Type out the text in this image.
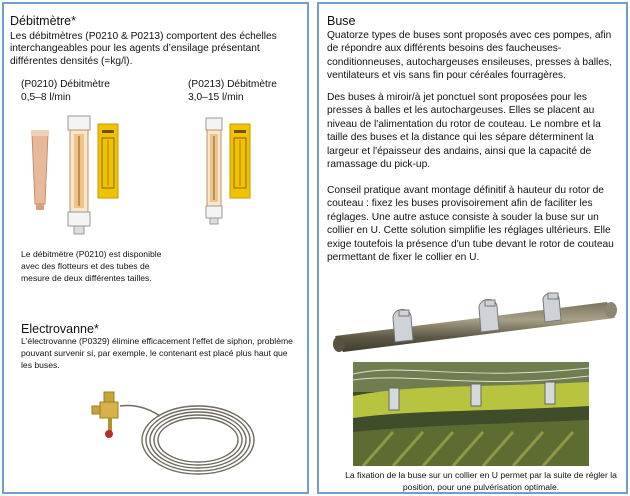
Débitmètre*
Les débitmètres (P0210 & P0213) comportent des échelles interchangeables pour les agents d’ensilage présentant différentes densités (=kg/l).
(P0210) Débitmètre
0,5–8 l/min
(P0213) Débitmètre
3,0–15 l/min
Le débitmètre (P0210) est disponible avec des flotteurs et des tubes de mesure de deux différentes tailles.
Electrovanne*
L'électrovanne (P0329) élimine efficacement l'effet de siphon, problème pouvant survenir si, par exemple, le contenant est placé plus haut que les buses.
Buse
Quatorze types de buses sont proposés avec ces pompes, afin de répondre aux différents besoins des faucheuses-conditionneuses, autochargeuses ensileuses, presses à balles, ventilateurs et vis sans fin pour céréales fourragères.
Des buses à miroir/à jet ponctuel sont proposées pour les presses à balles et les autochargeuses. Elles se placent au niveau de l'alimentation du rotor de couteau. Le nombre et la taille des buses et la distance qui les sépare déterminent la largeur et l'épaisseur des andains, ainsi que la capacité de ramassage du pick-up.
Conseil pratique avant montage définitif à hauteur du rotor de couteau : fixez les buses provisoirement afin de faciliter les réglages. Une autre astuce consiste à souder la buse sur un collier en U. Cette solution simplifie les réglages ultérieurs. Elle exige toutefois la présence d'un tube devant le rotor de couteau permettant de fixer le collier en U.
La fixation de la buse sur un collier en U permet par la suite de régler la position, pour une pulvérisation optimale.
